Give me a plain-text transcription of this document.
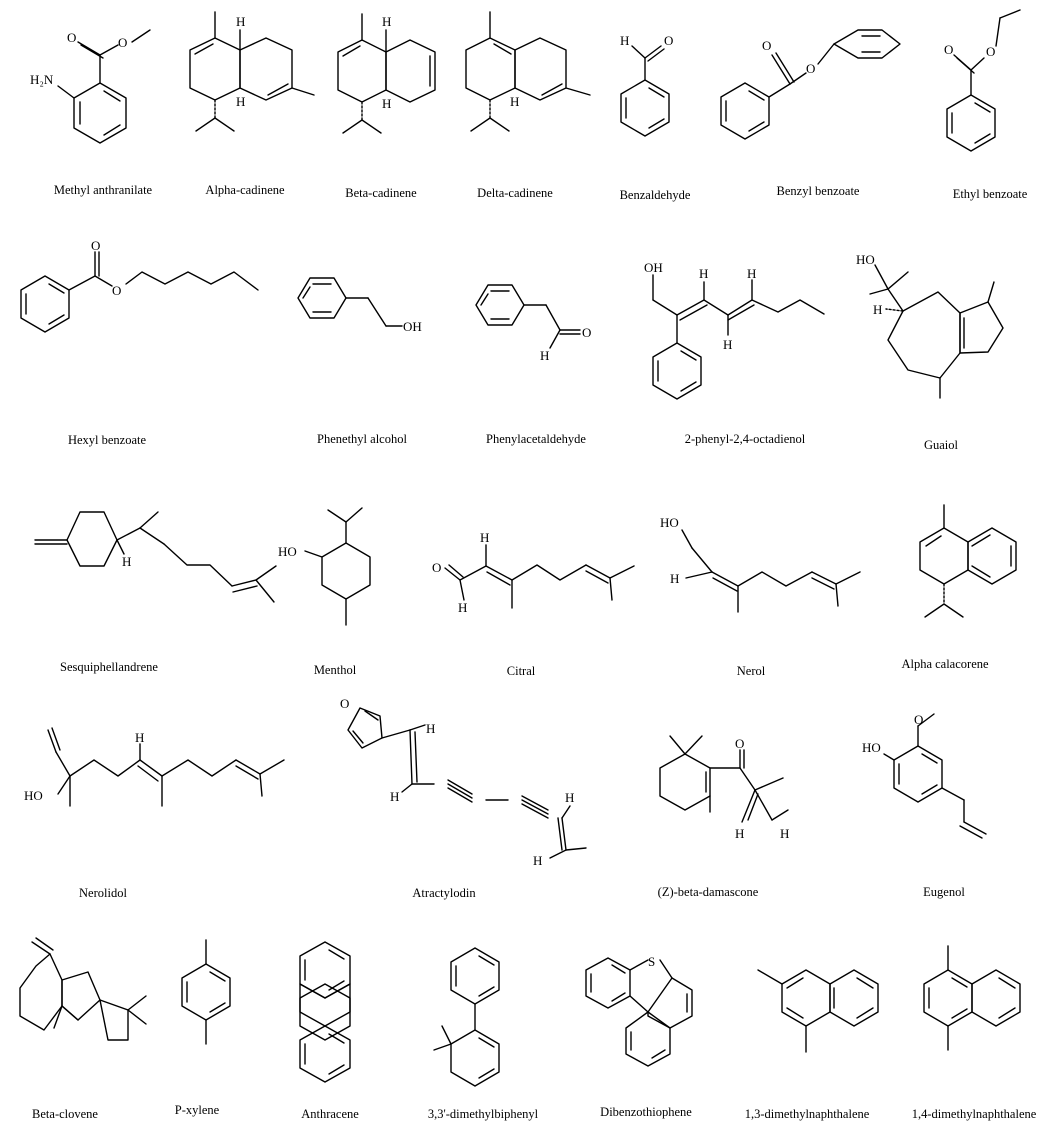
O	O
H₂N
H
H
H
H	H
H	O	O
O
O	O
O
O
OH	O
H
OH	H	H
H
HO
H
H
HO
O
H
H
HO
H
HO
H
O
H
H	H
H
O
H	H
O
HO
S
Methyl anthranilate	Alpha-cadinene	Beta-cadinene	Delta-cadinene	Benzaldehyde	Benzyl benzoate	Ethyl benzoate
Hexyl benzoate	Phenethyl alcohol	Phenylacetaldehyde	2-phenyl-2,4-octadienol	Guaiol
Sesquiphellandrene	Menthol	Citral	Nerol	Alpha calacorene
Nerolidol	Atractylodin	(Z)-beta-damascone	Eugenol
Beta-clovene	P-xylene	Anthracene	3,3'-dimethylbiphenyl	Dibenzothiophene	1,3-dimethylnaphthalene	1,4-dimethylnaphthalene
